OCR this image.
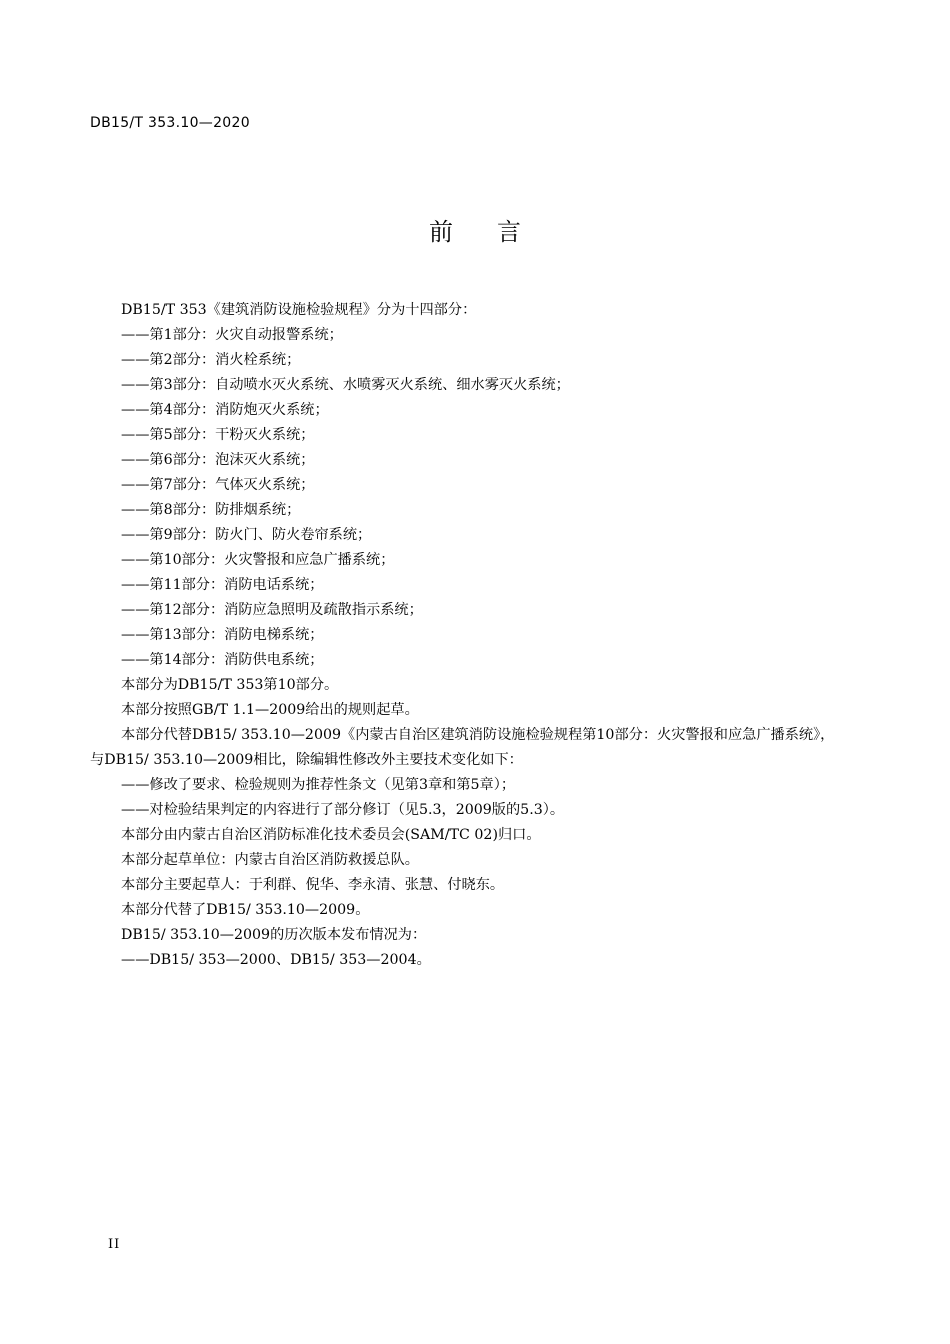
DB15/T 353.10—2020
前言

DB15/T 353《建筑消防设施检验规程》分为十四部分：

——第1部分：火灾自动报警系统；

——第2部分：消火栓系统；

——第3部分：自动喷水灭火系统、水喷雾灭火系统、细水雾灭火系统；

——第4部分：消防炮灭火系统；

——第5部分：干粉灭火系统；

——第6部分：泡沫灭火系统；

——第7部分：气体灭火系统；

——第8部分：防排烟系统；

——第9部分：防火门、防火卷帘系统；

——第10部分：火灾警报和应急广播系统；

——第11部分：消防电话系统；

——第12部分：消防应急照明及疏散指示系统；

——第13部分：消防电梯系统；

——第14部分：消防供电系统；

本部分为DB15/T 353第10部分。

本部分按照GB/T 1.1—2009给出的规则起草。

本部分代替DB15/ 353.10—2009《内蒙古自治区建筑消防设施检验规程第10部分：火灾警报和应急广播系统》，与DB15/ 353.10—2009相比，除编辑性修改外主要技术变化如下：

——修改了要求、检验规则为推荐性条文（见第3章和第5章）；

——对检验结果判定的内容进行了部分修订（见5.3，2009版的5.3）。

本部分由内蒙古自治区消防标准化技术委员会(SAM/TC 02)归口。

本部分起草单位：内蒙古自治区消防救援总队。

本部分主要起草人：于利群、倪华、李永清、张慧、付晓东。

本部分代替了DB15/ 353.10—2009。

DB15/ 353.10—2009的历次版本发布情况为：

——DB15/ 353—2000、DB15/ 353—2004。

II
